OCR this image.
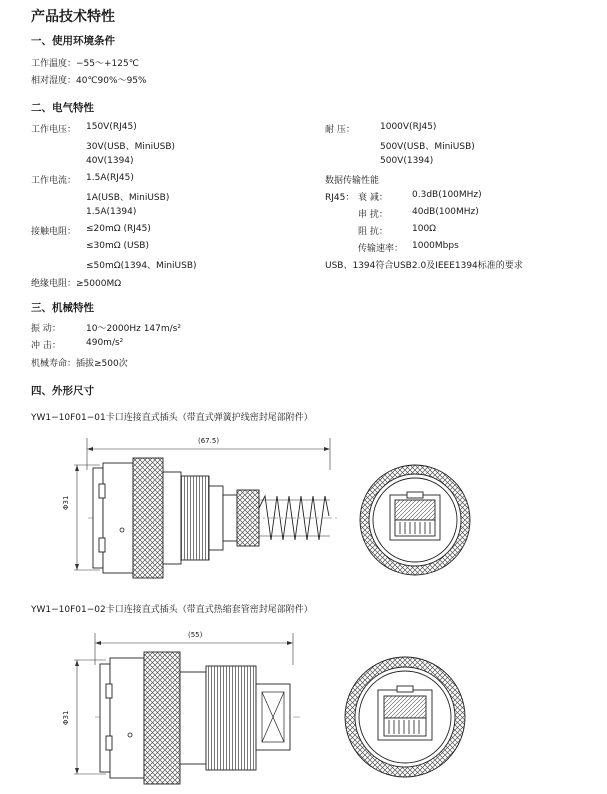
产品技术特性
一、使用环境条件
工作温度：−55～+125℃
相对湿度：40℃90%～95%
二、电气特性
工作电压： 150V(RJ45)
30V(USB、MiniUSB)
40V(1394)
工作电流： 1.5A(RJ45)
1A(USB、MiniUSB)
1.5A(1394)
接触电阻： ≤20mΩ (RJ45)
≤30mΩ (USB)
≤50mΩ(1394、MiniUSB)
绝缘电阻：≥5000MΩ
耐 压：	1000V(RJ45)
500V(USB、MiniUSB)
500V(1394)
数据传输性能
RJ45： 衰 减：	0.3dB(100MHz)
串 扰：	40dB(100MHz)
阻 抗：	100Ω
传输速率： 1000Mbps
USB、1394符合USB2.0及IEEE1394标准的要求
三、机械特性
振 动：	10～2000Hz 147m/s²
冲 击：	490m/s²
机械寿命：插拔≥500次
四、外形尺寸
YW1−10F01−01卡口连接直式插头（带直式弹簧护线密封尾部附件）
YW1−10F01−02卡口连接直式插头（带直式热缩套管密封尾部附件）
(67.5)
Φ31
(55)
Φ31
